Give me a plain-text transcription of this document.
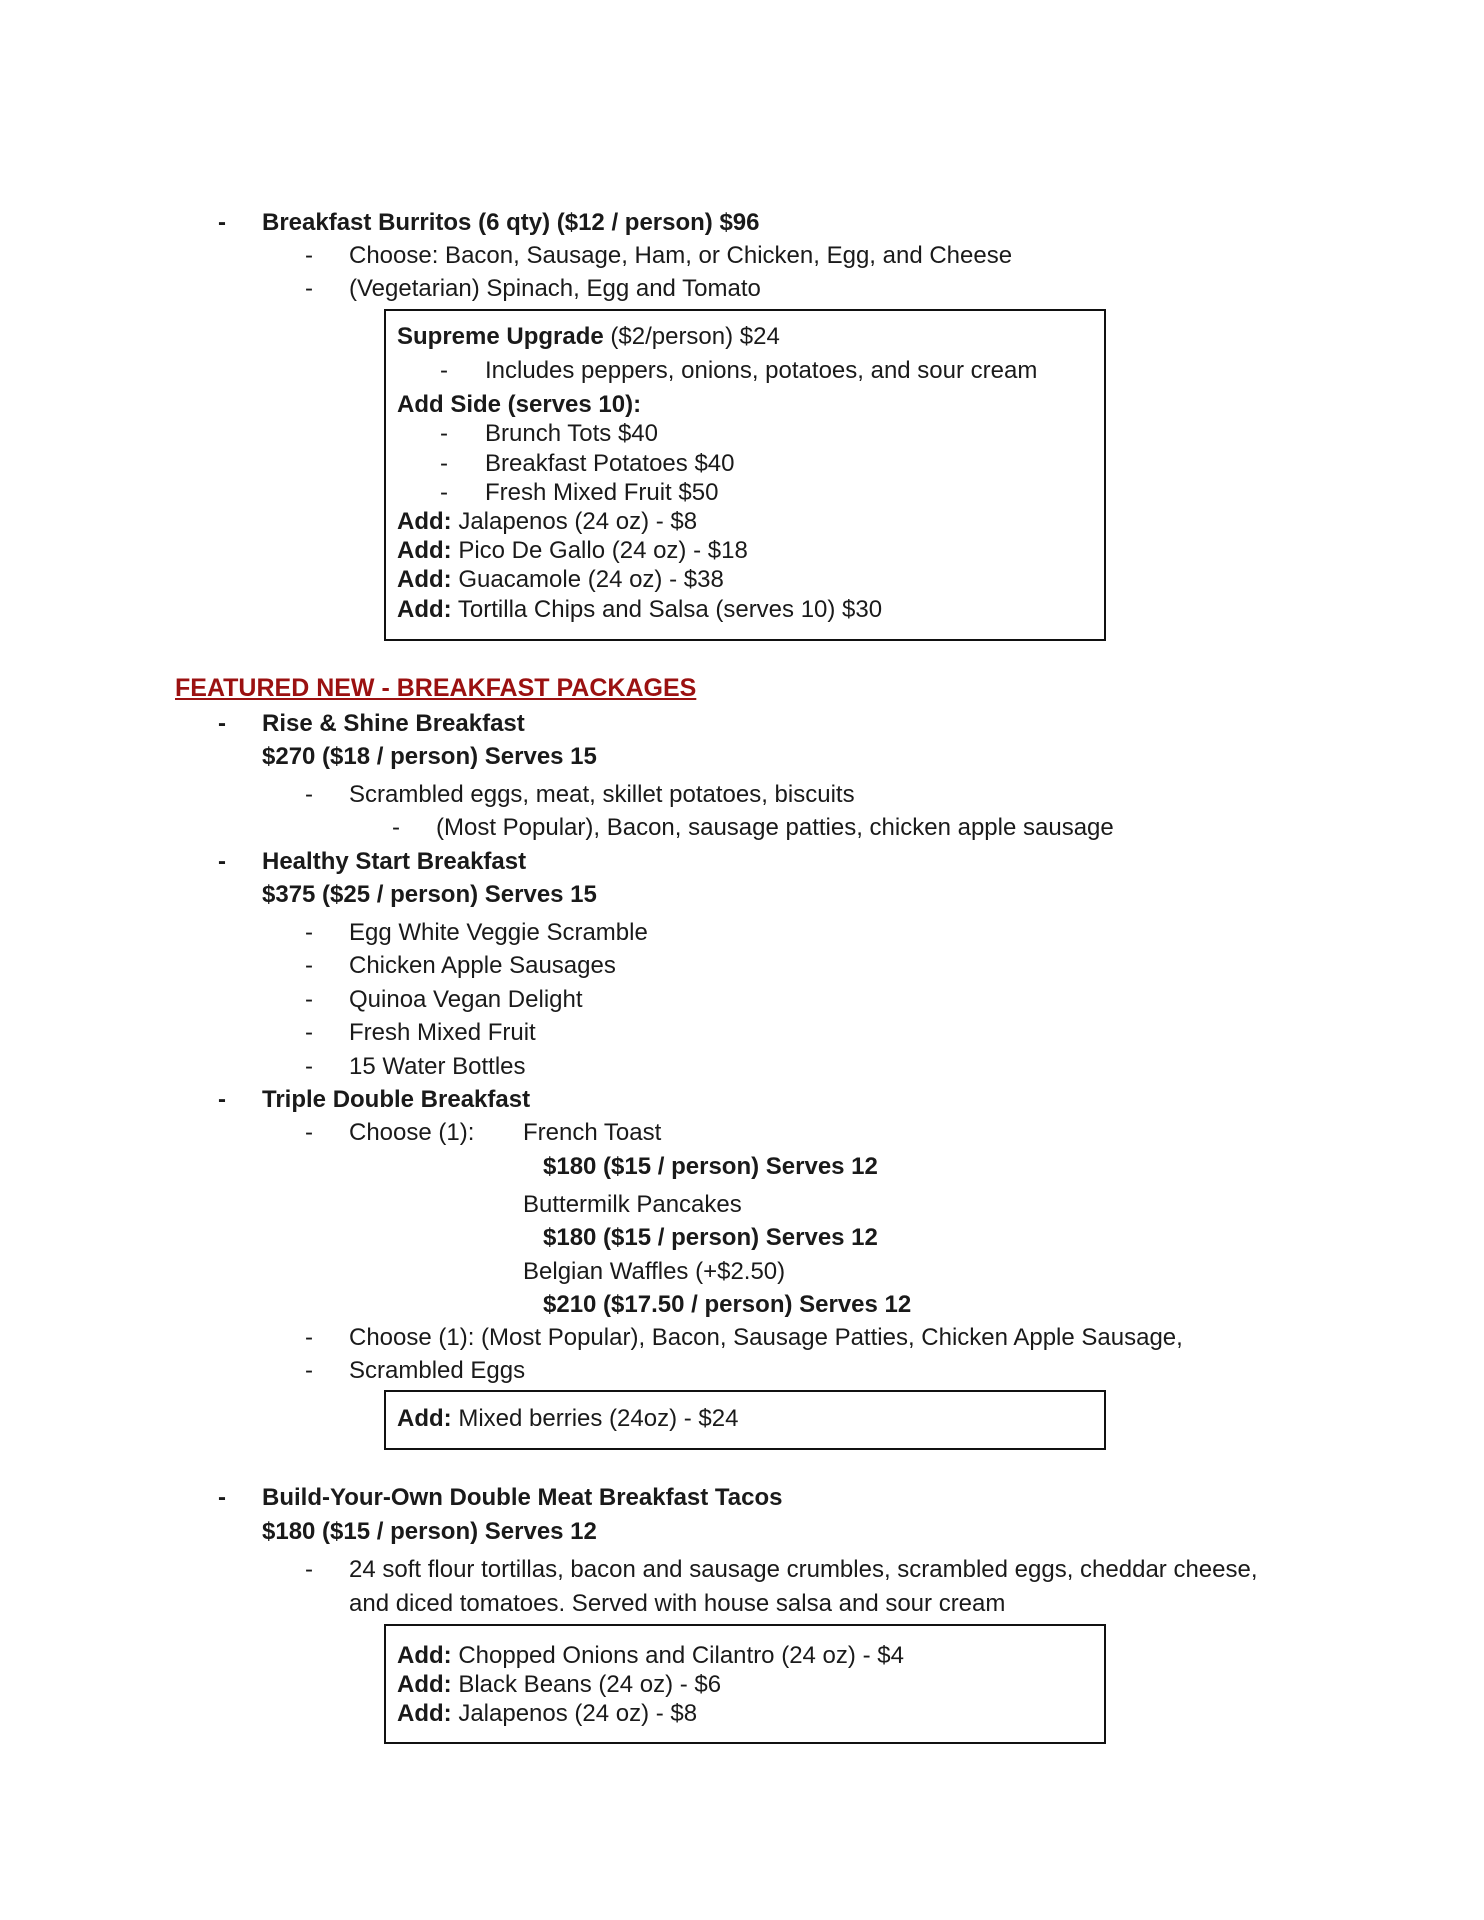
- Breakfast Burritos (6 qty) ($12 / person) $96
- Choose: Bacon, Sausage, Ham, or Chicken, Egg, and Cheese
- (Vegetarian) Spinach, Egg and Tomato
Supreme Upgrade ($2/person) $24
- Includes peppers, onions, potatoes, and sour cream
Add Side (serves 10):
- Brunch Tots $40
- Breakfast Potatoes $40
- Fresh Mixed Fruit $50
Add: Jalapenos (24 oz) - $8
Add: Pico De Gallo (24 oz) - $18
Add: Guacamole (24 oz) - $38
Add: Tortilla Chips and Salsa (serves 10) $30
FEATURED NEW - BREAKFAST PACKAGES
- Rise & Shine Breakfast
$270 ($18 / person) Serves 15
- Scrambled eggs, meat, skillet potatoes, biscuits
- (Most Popular), Bacon, sausage patties, chicken apple sausage
- Healthy Start Breakfast
$375 ($25 / person) Serves 15
- Egg White Veggie Scramble
- Chicken Apple Sausages
- Quinoa Vegan Delight
- Fresh Mixed Fruit
- 15 Water Bottles
- Triple Double Breakfast
- Choose (1): French Toast
$180 ($15 / person) Serves 12
Buttermilk Pancakes
$180 ($15 / person) Serves 12
Belgian Waffles (+$2.50)
$210 ($17.50 / person) Serves 12
- Choose (1): (Most Popular), Bacon, Sausage Patties, Chicken Apple Sausage,
- Scrambled Eggs
Add: Mixed berries (24oz) - $24
- Build-Your-Own Double Meat Breakfast Tacos
$180 ($15 / person) Serves 12
- 24 soft flour tortillas, bacon and sausage crumbles, scrambled eggs, cheddar cheese,
and diced tomatoes. Served with house salsa and sour cream
Add: Chopped Onions and Cilantro (24 oz) - $4
Add: Black Beans (24 oz) - $6
Add: Jalapenos (24 oz) - $8
